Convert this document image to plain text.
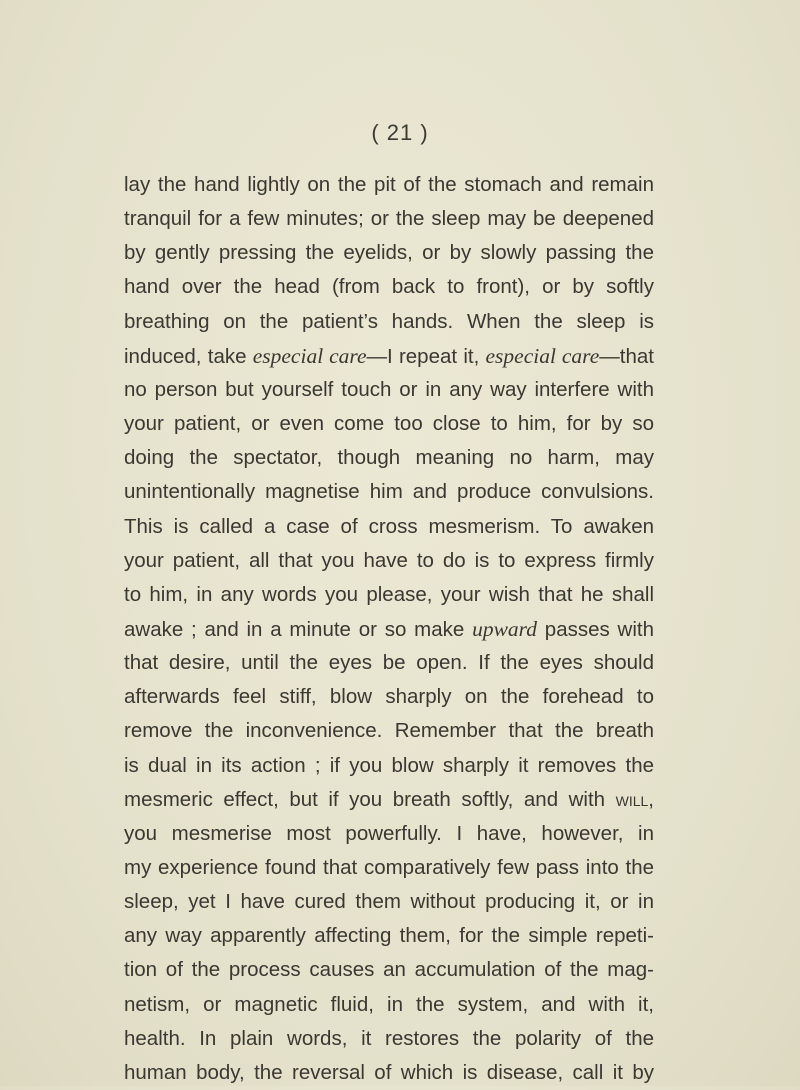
( 21 )
lay the hand lightly on the pit of the stomach and remain
tranquil for a few minutes; or the sleep may be deepened
by gently pressing the eyelids, or by slowly passing the
hand over the head (from back to front), or by softly
breathing on the patient’s hands. When the sleep is
induced, take especial care—I repeat it, especial care—that
no person but yourself touch or in any way interfere with
your patient, or even come too close to him, for by so
doing the spectator, though meaning no harm, may
unintentionally magnetise him and produce convulsions.
This is called a case of cross mesmerism. To awaken
your patient, all that you have to do is to express firmly
to him, in any words you please, your wish that he shall
awake ; and in a minute or so make upward passes with
that desire, until the eyes be open. If the eyes should
afterwards feel stiff, blow sharply on the forehead to
remove the inconvenience. Remember that the breath
is dual in its action ; if you blow sharply it removes the
mesmeric effect, but if you breath softly, and with will,
you mesmerise most powerfully. I have, however, in
my experience found that comparatively few pass into the
sleep, yet I have cured them without producing it, or in
any way apparently affecting them, for the simple repeti-
tion of the process causes an accumulation of the mag-
netism, or magnetic fluid, in the system, and with it,
health. In plain words, it restores the polarity of the
human body, the reversal of which is disease, call it by
